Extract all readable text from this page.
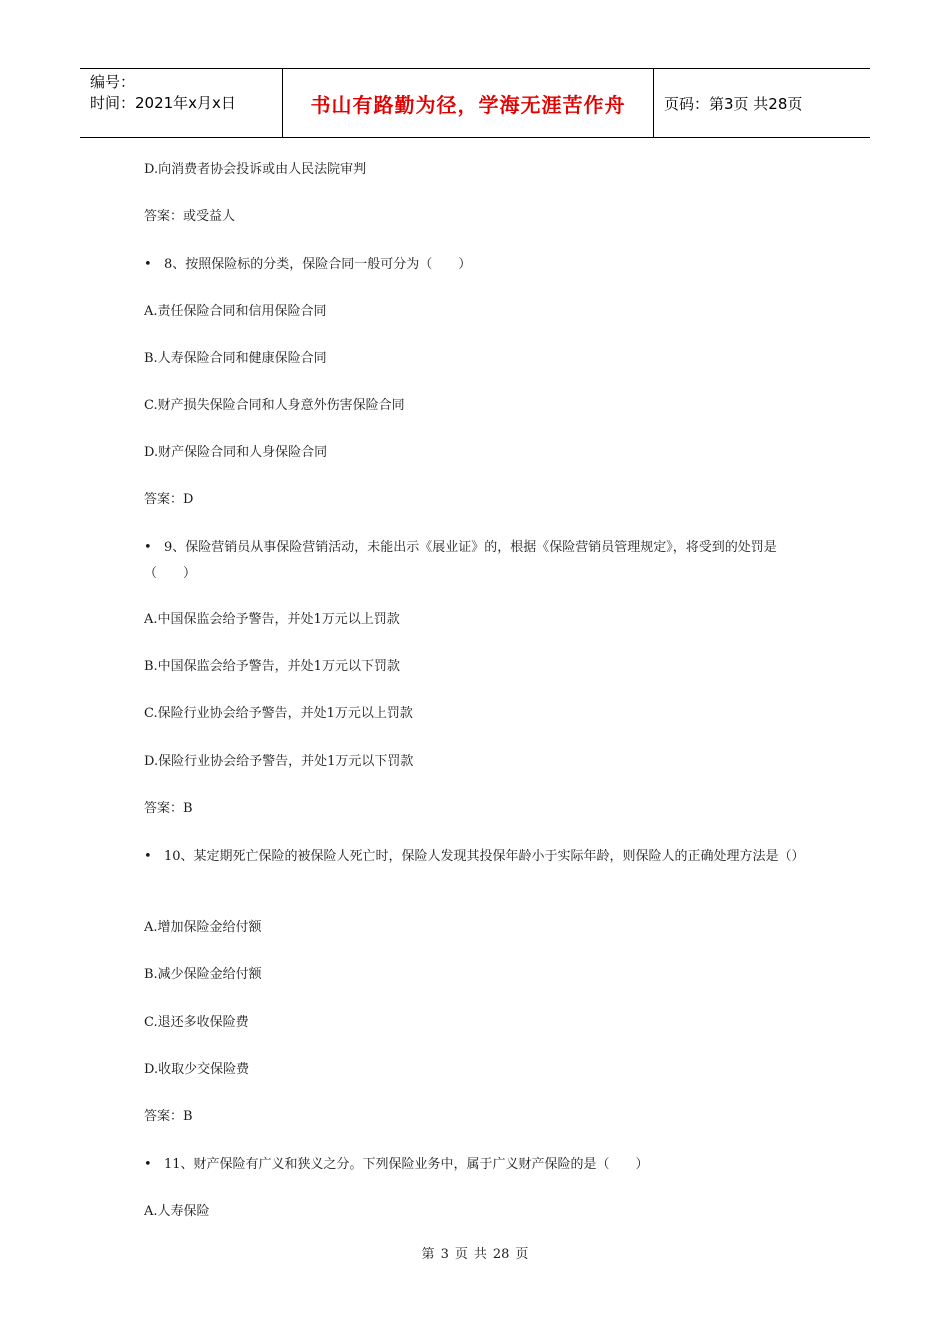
编号：
时间：2021年x月x日	书山有路勤为径，学海无涯苦作舟	页码：第3页 共28页
D.向消费者协会投诉或由人民法院审判
答案：或受益人
• 8、按照保险标的分类，保险合同一般可分为（　　）
A.责任保险合同和信用保险合同
B.人寿保险合同和健康保险合同
C.财产损失保险合同和人身意外伤害保险合同
D.财产保险合同和人身保险合同
答案：D
• 9、保险营销员从事保险营销活动，未能出示《展业证》的，根据《保险营销员管理规定》，将受到的处罚是（　　）
A.中国保监会给予警告，并处1万元以上罚款
B.中国保监会给予警告，并处1万元以下罚款
C.保险行业协会给予警告，并处1万元以上罚款
D.保险行业协会给予警告，并处1万元以下罚款
答案：B
• 10、某定期死亡保险的被保险人死亡时，保险人发现其投保年龄小于实际年龄，则保险人的正确处理方法是（）
A.增加保险金给付额
B.减少保险金给付额
C.退还多收保险费
D.收取少交保险费
答案：B
• 11、财产保险有广义和狭义之分。下列保险业务中，属于广义财产保险的是（　　）
A.人寿保险
第 3 页 共 28 页
